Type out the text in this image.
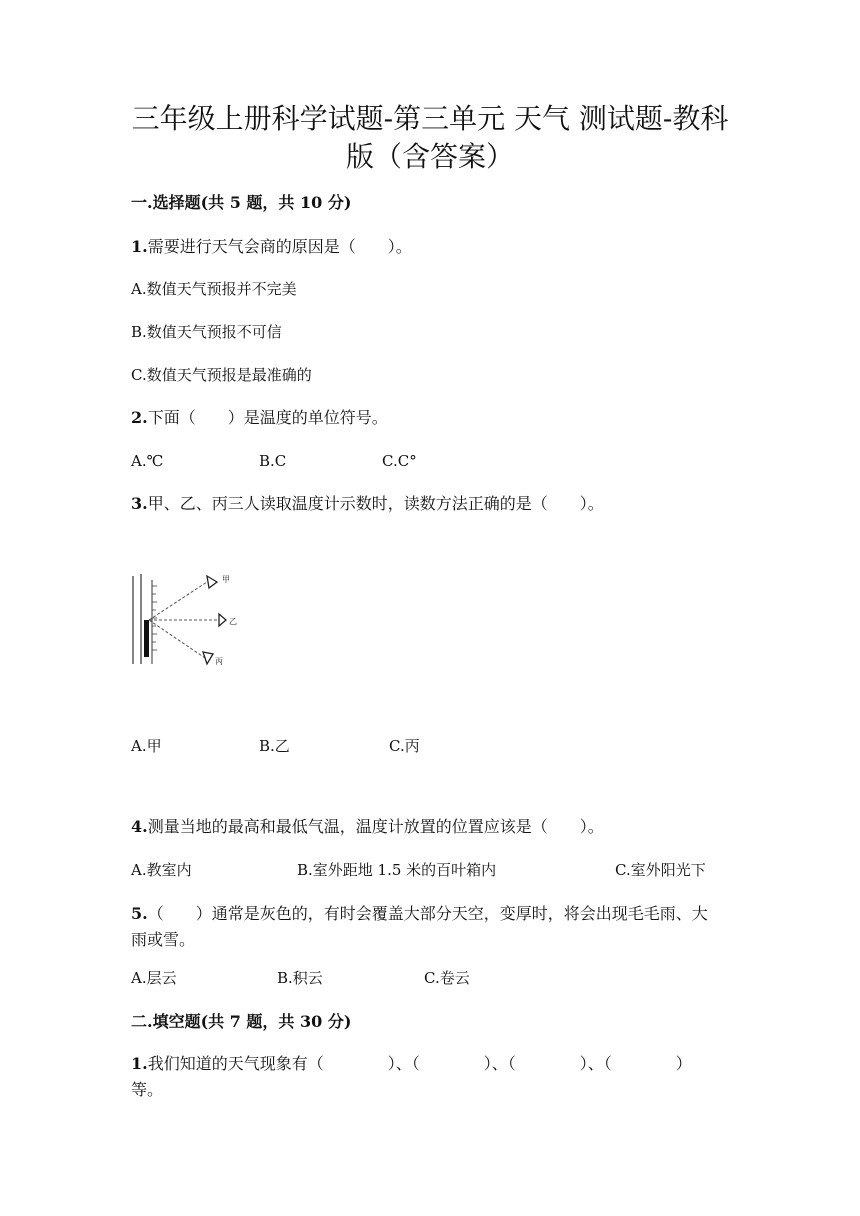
三年级上册科学试题-第三单元 天气 测试题-教科版（含答案）
一.选择题(共 5 题，共 10 分)
1.需要进行天气会商的原因是（　　）。
A.数值天气预报并不完美
B.数值天气预报不可信
C.数值天气预报是最准确的
2.下面（　　）是温度的单位符号。
A.℃	B.C	C.C°
3.甲、乙、丙三人读取温度计示数时，读数方法正确的是（　　）。
甲
乙
丙
A.甲	B.乙	C.丙
4.测量当地的最高和最低气温，温度计放置的位置应该是（　　）。
A.教室内	B.室外距地 1.5 米的百叶箱内	C.室外阳光下
5.（　　）通常是灰色的，有时会覆盖大部分天空，变厚时，将会出现毛毛雨、大雨或雪。
A.层云	B.积云	C.卷云
二.填空题(共 7 题，共 30 分)
1.我们知道的天气现象有（　　　　）、（　　　　）、（　　　　）、（　　　　）等。
